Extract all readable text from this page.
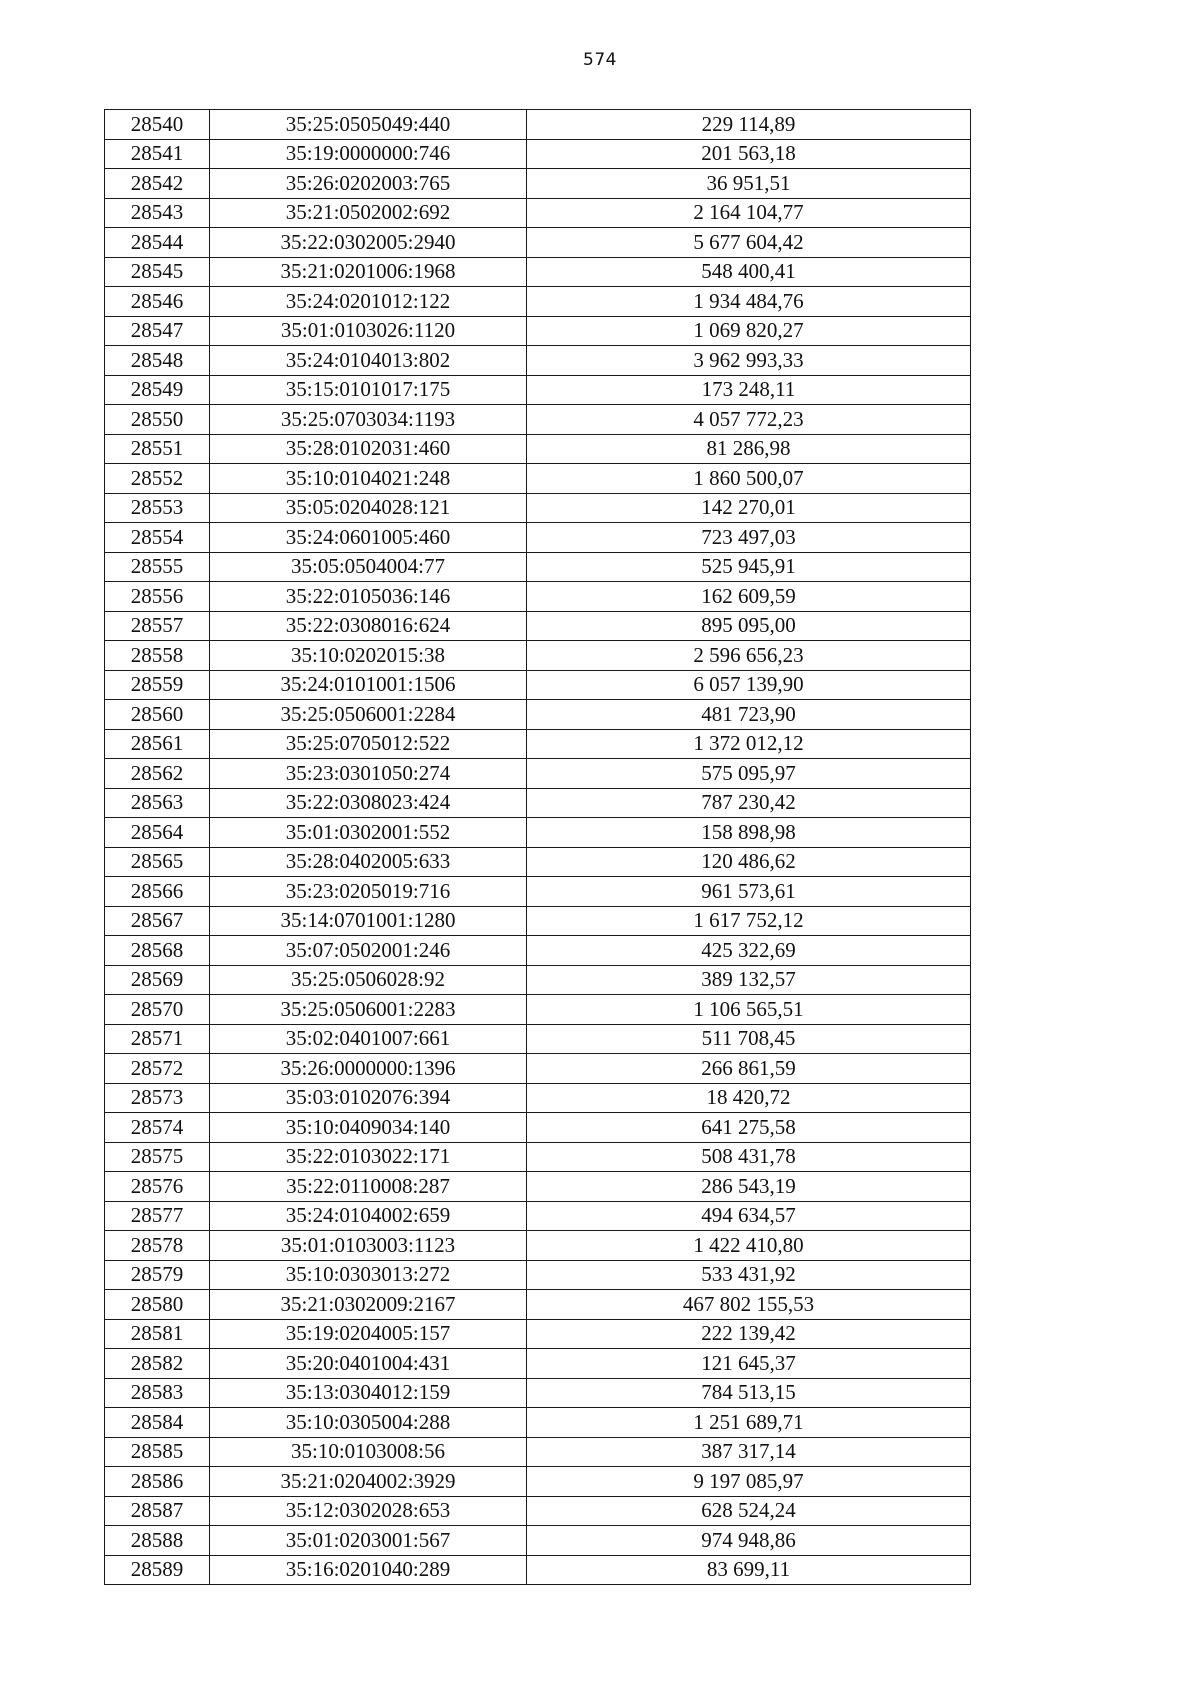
574
28540	35:25:0505049:440	229 114,89
28541	35:19:0000000:746	201 563,18
28542	35:26:0202003:765	36 951,51
28543	35:21:0502002:692	2 164 104,77
28544	35:22:0302005:2940	5 677 604,42
28545	35:21:0201006:1968	548 400,41
28546	35:24:0201012:122	1 934 484,76
28547	35:01:0103026:1120	1 069 820,27
28548	35:24:0104013:802	3 962 993,33
28549	35:15:0101017:175	173 248,11
28550	35:25:0703034:1193	4 057 772,23
28551	35:28:0102031:460	81 286,98
28552	35:10:0104021:248	1 860 500,07
28553	35:05:0204028:121	142 270,01
28554	35:24:0601005:460	723 497,03
28555	35:05:0504004:77	525 945,91
28556	35:22:0105036:146	162 609,59
28557	35:22:0308016:624	895 095,00
28558	35:10:0202015:38	2 596 656,23
28559	35:24:0101001:1506	6 057 139,90
28560	35:25:0506001:2284	481 723,90
28561	35:25:0705012:522	1 372 012,12
28562	35:23:0301050:274	575 095,97
28563	35:22:0308023:424	787 230,42
28564	35:01:0302001:552	158 898,98
28565	35:28:0402005:633	120 486,62
28566	35:23:0205019:716	961 573,61
28567	35:14:0701001:1280	1 617 752,12
28568	35:07:0502001:246	425 322,69
28569	35:25:0506028:92	389 132,57
28570	35:25:0506001:2283	1 106 565,51
28571	35:02:0401007:661	511 708,45
28572	35:26:0000000:1396	266 861,59
28573	35:03:0102076:394	18 420,72
28574	35:10:0409034:140	641 275,58
28575	35:22:0103022:171	508 431,78
28576	35:22:0110008:287	286 543,19
28577	35:24:0104002:659	494 634,57
28578	35:01:0103003:1123	1 422 410,80
28579	35:10:0303013:272	533 431,92
28580	35:21:0302009:2167	467 802 155,53
28581	35:19:0204005:157	222 139,42
28582	35:20:0401004:431	121 645,37
28583	35:13:0304012:159	784 513,15
28584	35:10:0305004:288	1 251 689,71
28585	35:10:0103008:56	387 317,14
28586	35:21:0204002:3929	9 197 085,97
28587	35:12:0302028:653	628 524,24
28588	35:01:0203001:567	974 948,86
28589	35:16:0201040:289	83 699,11
